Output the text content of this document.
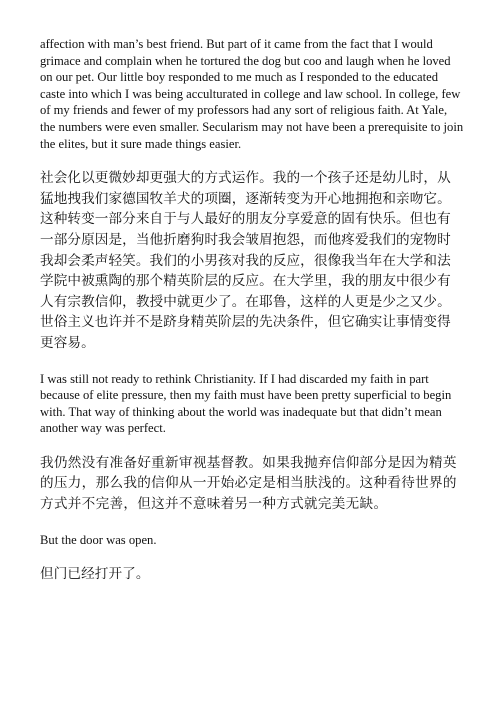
affection with man’s best friend. But part of it came from the fact that I would grimace and complain when he tortured the dog but coo and laugh when he loved on our pet. Our little boy responded to me much as I responded to the educated caste into which I was being acculturated in college and law school. In college, few of my friends and fewer of my professors had any sort of religious faith. At Yale, the numbers were even smaller. Secularism may not have been a prerequisite to join the elites, but it sure made things easier.

社会化以更微妙却更强大的方式运作。我的一个孩子还是幼儿时，从猛地拽我们家德国牧羊犬的项圈，逐渐转变为开心地拥抱和亲吻它。这种转变一部分来自于与人最好的朋友分享爱意的固有快乐。但也有一部分原因是，当他折磨狗时我会皱眉抱怨，而他疼爱我们的宠物时我却会柔声轻笑。我们的小男孩对我的反应，很像我当年在大学和法学院中被熏陶的那个精英阶层的反应。在大学里，我的朋友中很少有人有宗教信仰，教授中就更少了。在耶鲁，这样的人更是少之又少。世俗主义也许并不是跻身精英阶层的先决条件，但它确实让事情变得更容易。

I was still not ready to rethink Christianity. If I had discarded my faith in part because of elite pressure, then my faith must have been pretty superficial to begin with. That way of thinking about the world was inadequate but that didn’t mean another way was perfect.

我仍然没有准备好重新审视基督教。如果我抛弃信仰部分是因为精英的压力，那么我的信仰从一开始必定是相当肤浅的。这种看待世界的方式并不完善，但这并不意味着另一种方式就完美无缺。

But the door was open.

但门已经打开了。
